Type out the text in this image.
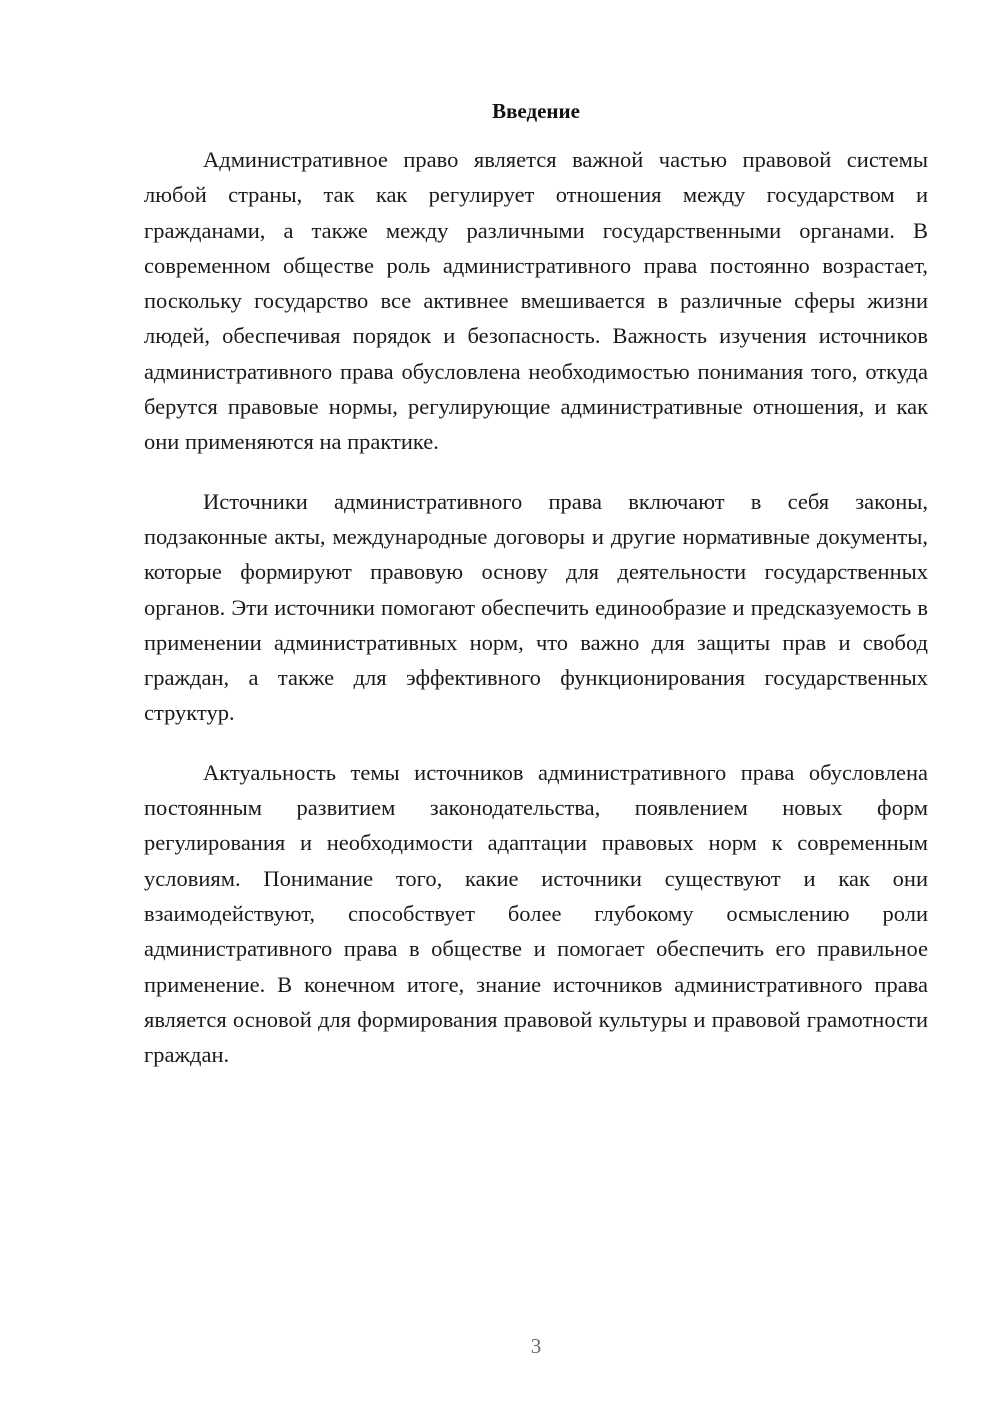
Введение

Административное право является важной частью правовой системы любой страны, так как регулирует отношения между государством и гражданами, а также между различными государственными органами. В современном обществе роль административного права постоянно возрастает, поскольку государство все активнее вмешивается в различные сферы жизни людей, обеспечивая порядок и безопасность. Важность изучения источников административного права обусловлена необходимостью понимания того, откуда берутся правовые нормы, регулирующие административные отношения, и как они применяются на практике.

Источники административного права включают в себя законы, подзаконные акты, международные договоры и другие нормативные документы, которые формируют правовую основу для деятельности государственных органов. Эти источники помогают обеспечить единообразие и предсказуемость в применении административных норм, что важно для защиты прав и свобод граждан, а также для эффективного функционирования государственных структур.

Актуальность темы источников административного права обусловлена постоянным развитием законодательства, появлением новых форм регулирования и необходимости адаптации правовых норм к современным условиям. Понимание того, какие источники существуют и как они взаимодействуют, способствует более глубокому осмыслению роли административного права в обществе и помогает обеспечить его правильное применение. В конечном итоге, знание источников административного права является основой для формирования правовой культуры и правовой грамотности граждан.

3
